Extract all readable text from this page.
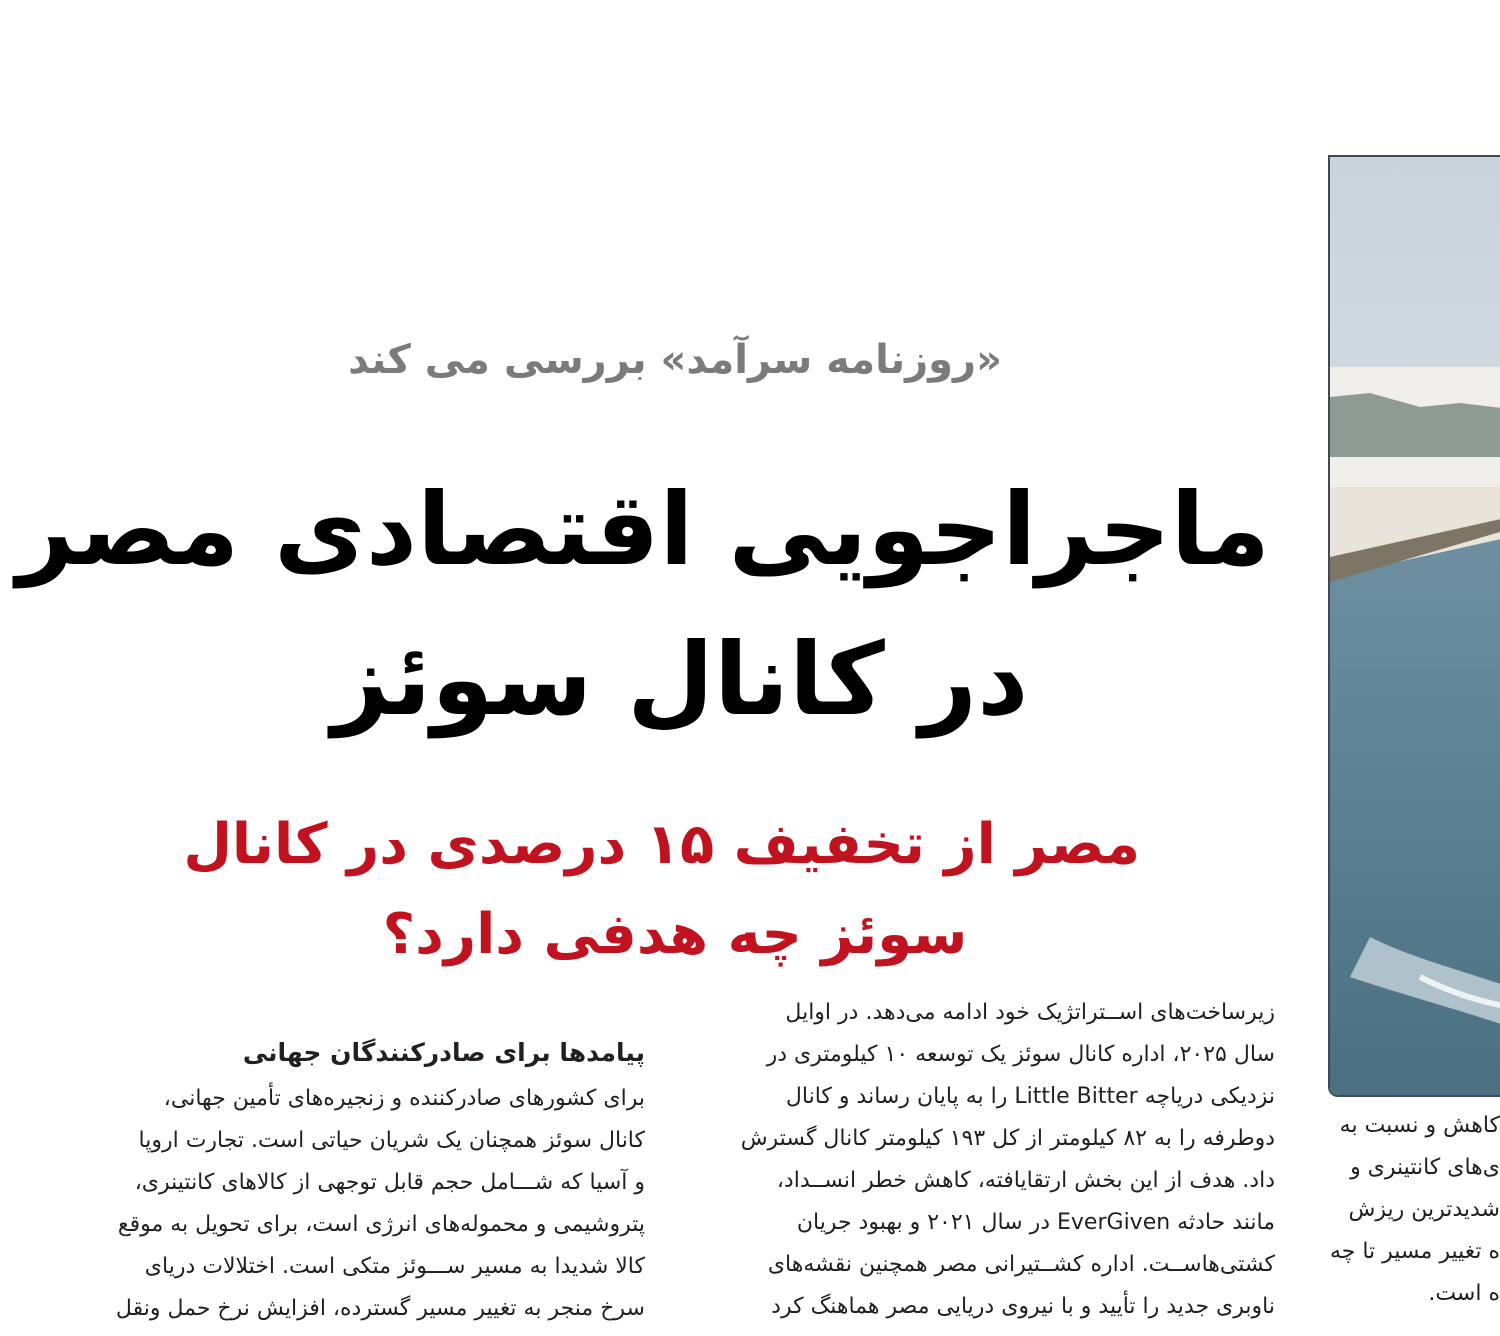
«روزنامه سرآمد» بررسی می کند
ماجراجویی اقتصادی مصر
در کانال سوئز
مصر از تخفیف ۱۵ درصدی در کانال
سوئز چه هدفی دارد؟

زیرساخت‌های اســتراتژیک خود ادامه می‌دهد. در اوایل

سال ۲۰۲۵، اداره کانال سوئز یک توسعه ۱۰ کیلومتری در

نزدیکی دریاچه Little Bitter را به پایان رساند و کانال

دوطرفه را به ۸۲ کیلومتر از کل ۱۹۳ کیلومتر کانال گسترش

داد. هدف از این بخش ارتقایافته، کاهش خطر انســداد،

مانند حادثه EverGiven در سال ۲۰۲۱ و بهبود جریان

کشتی‌هاســت. اداره کشــتیرانی مصر همچنین نقشه‌های

ناوبری جدید را تأیید و با نیروی دریایی مصر هماهنگ کرد

پیامدها برای صادرکنندگان جهانی

برای کشورهای صادرکننده و زنجیره‌های تأمین جهانی،

کانال سوئز همچنان یک شریان حیاتی است. تجارت اروپا

و آسیا که شـــامل حجم قابل توجهی از کالاهای کانتینری،

پتروشیمی و محموله‌های انرژی است، برای تحویل به موقع

کالا شدیدا به مسیر ســـوئز متکی است. اختلالات دریای

سرخ منجر به تغییر مسیر گسترده، افزایش نرخ حمل ونقل

کاهش و نسبت به

ی‌های کانتینری و

شدیدترین ریزش

ه تغییر مسیر تا چه

ه است.
